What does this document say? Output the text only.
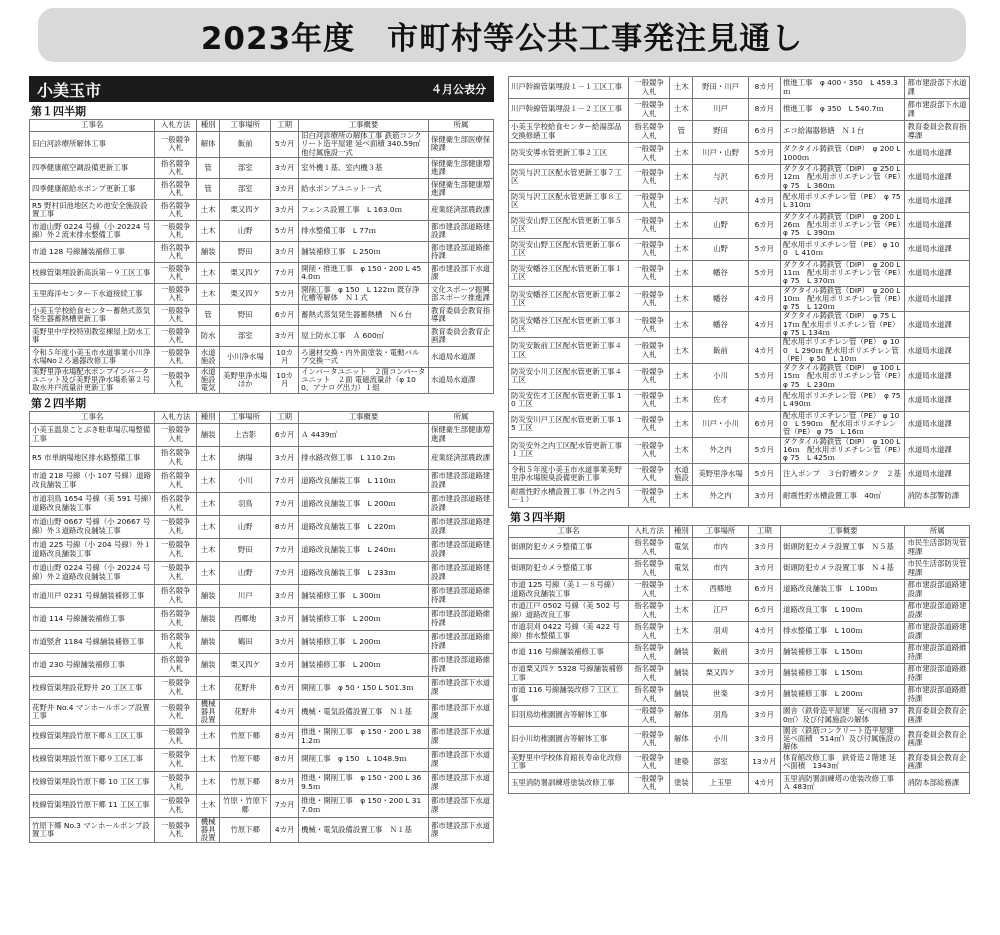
2023年度　市町村等公共工事発注見通し
小美玉市	４月公表分
第１四半期
工事名	入札方法	種別	工事場所	工期	工事概要	所属
旧白河診療所解体工事	一般競争入札	解体	飯前	5カ月	旧白河診療所の解体工事 鉄筋コンクリート造平屋建 延べ面積 340.59㎡　他付属施設一式	保健衛生部医療保険課
四季健康館空調設備更新工事	指名競争入札	管	部室	3カ月	室外機１基、室内機３基	保健衛生部健康増進課
四季健康館給水ポンプ更新工事	指名競争入札	管	部室	3カ月	給水ポンプユニット一式	保健衛生部健康増進課
R5 野村田池地区ため池安全施設設置工事	指名競争入札	土木	栗又四ケ	3カ月	フェンス設置工事　L 163.0ｍ	産業経済部農政課
市道山野 0224 号線（小 20224 号線）外２流末排水整備工事	一般競争入札	土木	山野	5カ月	排水整備工事　L 77ｍ	都市建設部道路建設課
市道 128 号線舗装補修工事	指名競争入札	舗装	野田	3カ月	舗装補修工事　L 250ｍ	都市建設部道路維持課
枝線管渠埋設新高浜第－９工区工事	一般競争入札	土木	栗又四ケ	7カ月	開削・推進工事　φ 150・200 L 454.0ｍ	都市建設部下水道課
玉里海洋センター下水道接続工事	一般競争入札	土木	栗又四ケ	5カ月	開削工事　φ 150　L 122ｍ 既存浄化槽等解体　Ｎ１式	文化スポーツ振興部スポーツ推進課
小美玉学校給食センター蓄熱式蒸気発生器蓄熱槽更新工事	一般競争入札	管	野田	6カ月	蓄熱式蒸気発生器蓄熱槽　Ｎ６台	教育委員会教育指導課
美野里中学校特別教室棟屋上防水工事	一般競争入札	防水	部室	3カ月	屋上防水工事　Ａ 600㎡	教育委員会教育企画課
令和５年度小美玉市水道事業小川浄水場No２ろ過器改修工事	一般競争入札	水道施設	小川浄水場	10カ月	ろ過材交換・内外面塗装・電動バルブ交換一式	水道局水道課
美野里浄水場配水ポンプインバータユニット及び美野里浄水場系第２号取水井戸流量計更新工事	一般競争入札	水道施設電気	美野里浄水場ほか	10カ月	インバータユニット　２面コンバータユニット　２面 電磁流量計（φ 100、アナログ出力）１組	水道局水道課
第２四半期
工事名	入札方法	種別	工事場所	工期	工事概要	所属
小美玉温泉ことぶき駐車場広場整備工事	一般競争入札	舗装	上吉影	6カ月	Ａ 4439㎡	保健衛生部健康増進課
R5 市単納場地区排水路整備工事	指名競争入札	土木	納場	3カ月	排水路改修工事　L 110.2ｍ	産業経済部農政課
市道 218 号線（小 107 号線）道路改良舗装工事	指名競争入札	土木	小川	7カ月	道路改良舗装工事　L 110ｍ	都市建設部道路建設課
市道羽鳥 1654 号線（美 591 号線）道路改良舗装工事	指名競争入札	土木	羽鳥	7カ月	道路改良舗装工事　L 200ｍ	都市建設部道路建設課
市道山野 0667 号線（小 20667 号線）外３道路改良舗装工事	一般競争入札	土木	山野	8カ月	道路改良舗装工事　L 220ｍ	都市建設部道路建設課
市道 225 号線（小 204 号線）外１道路改良舗装工事	一般競争入札	土木	野田	7カ月	道路改良舗装工事　L 240ｍ	都市建設部道路建設課
市道山野 0224 号線（小 20224 号線）外２道路改良舗装工事	一般競争入札	土木	山野	7カ月	道路改良舗装工事　L 233ｍ	都市建設部道路建設課
市道川戸 0231 号線舗装補修工事	指名競争入札	舗装	川戸	3カ月	舗装補修工事　L 300ｍ	都市建設部道路維持課
市道 114 号線舗装補修工事	指名競争入札	舗装	西郷地	3カ月	舗装補修工事　L 200ｍ	都市建設部道路維持課
市道竪倉 1184 号線舗装補修工事	指名競争入札	舗装	鶴田	3カ月	舗装補修工事　L 200ｍ	都市建設部道路維持課
市道 230 号線舗装補修工事	指名競争入札	舗装	栗又四ケ	3カ月	舗装補修工事　L 200ｍ	都市建設部道路維持課
枝線管渠埋設花野井 20 工区工事	一般競争入札	土木	花野井	6カ月	開削工事　φ 50・150 L 501.3ｍ	都市建設部下水道課
花野井 No.4 マンホールポンプ設置工事	一般競争入札	機械器具設置	花野井	4カ月	機械・電気設備設置工事　Ｎ１基	都市建設部下水道課
枝線管渠埋設竹原下郷８工区工事	一般競争入札	土木	竹原下郷	8カ月	推進・開削工事　φ 150・200 L 381.2ｍ	都市建設部下水道課
枝線管渠埋設竹原下郷９工区工事	一般競争入札	土木	竹原下郷	8カ月	開削工事　φ 150　L 1048.9ｍ	都市建設部下水道課
枝線管渠埋設竹原下郷 10 工区工事	一般競争入札	土木	竹原下郷	8カ月	推進・開削工事　φ 150・200 L 369.5ｍ	都市建設部下水道課
枝線管渠埋設竹原下郷 11 工区工事	一般競争入札	土木	竹原・竹原下郷	7カ月	推進・開削工事　φ 150・200 L 317.0ｍ	都市建設部下水道課
竹原下郷 No.3 マンホールポンプ設置工事	一般競争入札	機械器具設置	竹原下郷	4カ月	機械・電気設備設置工事　Ｎ１基	都市建設部下水道課
川戸幹線管渠埋設１－１工区工事	一般競争入札	土木	野田・川戸	8カ月	推進工事　φ 400・350　L 459.3ｍ	都市建設部下水道課
川戸幹線管渠埋設１－２工区工事	一般競争入札	土木	川戸	8カ月	推進工事　φ 350　L 540.7ｍ	都市建設部下水道課
小美玉学校給食センター給湯部品交換修繕工事	指名競争入札	管	野田	6カ月	エコ給湯器修繕　Ｎ１台	教育委員会教育指導課
防災安導水管更新工事２工区	一般競争入札	土木	川戸・山野	5カ月	ダクタイル鋳鉄管（DIP）　φ 200 L 1000ｍ	水道局水道課
防災与沢工区配水管更新工事７工区	一般競争入札	土木	与沢	6カ月	ダクタイル鋳鉄管（DIP）　φ 250 L 12ｍ　配水用ポリエチレン管（PE）　φ 75　L 360ｍ	水道局水道課
防災与沢工区配水管更新工事８工区	一般競争入札	土木	与沢	4カ月	配水用ポリエチレン管（PE）　φ 75 L 310ｍ	水道局水道課
防災安山野工区配水管更新工事５工区	一般競争入札	土木	山野	6カ月	ダクタイル鋳鉄管（DIP）　φ 200 L 26ｍ　配水用ポリエチレン管（PE）　φ 75　L 390ｍ	水道局水道課
防災安山野工区配水管更新工事６工区	一般競争入札	土木	山野	5カ月	配水用ポリエチレン管（PE） φ 100　L 410ｍ	水道局水道課
防災安幡谷工区配水管更新工事１工区	一般競争入札	土木	幡谷	5カ月	ダクタイル鋳鉄管（DIP）　φ 200 L 11ｍ　配水用ポリエチレン管（PE）　φ 75　L 370ｍ	水道局水道課
防災安幡谷工区配水管更新工事２工区	一般競争入札	土木	幡谷	4カ月	ダクタイル鋳鉄管（DIP）　φ 200 L 10ｍ　配水用ポリエチレン管（PE）　φ 75　L 120ｍ	水道局水道課
防災安幡谷工区配水管更新工事３工区	一般競争入札	土木	幡谷	4カ月	ダクタイル鋳鉄管（DIP）　φ 75 L 17ｍ 配水用ポリエチレン管（PE）　φ 75 L 134ｍ	水道局水道課
防災安飯前工区配水管更新工事４工区	一般競争入札	土木	飯前	4カ月	配水用ポリエチレン管（PE） φ 100　L 290ｍ 配水用ポリエチレン管（PE） φ 50　L 10ｍ	水道局水道課
防災安小川工区配水管更新工事４工区	一般競争入札	土木	小川	5カ月	ダクタイル鋳鉄管（DIP）　φ 100 L 15ｍ　配水用ポリエチレン管（PE）　φ 75　L 230ｍ	水道局水道課
防災安佐才工区配水管更新工事 10 工区	一般競争入札	土木	佐才	4カ月	配水用ポリエチレン管（PE）　φ 75 L 490ｍ	水道局水道課
防災安川戸工区配水管更新工事 15 工区	一般競争入札	土木	川戸・小川	6カ月	配水用ポリエチレン管（PE） φ 100　L 590ｍ　配水用ポリエチレン管（PE） φ 75　L 16ｍ	水道局水道課
防災安外之内工区配水管更新工事１工区	一般競争入札	土木	外之内	5カ月	ダクタイル鋳鉄管（DIP）　φ 100 L 16ｍ　配水用ポリエチレン管（PE）　φ 75　L 425ｍ	水道局水道課
令和５年度小美玉市水道事業美野里浄水場脱臭設備更新工事	一般競争入札	水道施設	美野里浄水場	5カ月	注入ポンプ　３台貯槽タンク　２基	水道局水道課
耐震性貯水槽設置工事（外之内５－１）	一般競争入札	土木	外之内	3カ月	耐震性貯水槽設置工事　40㎥	消防本部警防課
第３四半期
工事名	入札方法	種別	工事場所	工期	工事概要	所属
街頭防犯カメラ整備工事	指名競争入札	電気	市内	3カ月	街頭防犯カメラ設置工事　Ｎ５基	市民生活部防災管理課
街頭防犯カメラ整備工事	指名競争入札	電気	市内	3カ月	街頭防犯カメラ設置工事　Ｎ４基	市民生活部防災管理課
市道 125 号線（美１－８号線）道路改良舗装工事	一般競争入札	土木	西郷地	6カ月	道路改良舗装工事　L 100ｍ	都市建設部道路建設課
市道江戸 0502 号線（美 502 号線）道路改良工事	指名競争入札	土木	江戸	6カ月	道路改良工事　L 100ｍ	都市建設部道路建設課
市道羽刈 0422 号線（美 422 号線）排水整備工事	指名競争入札	土木	羽刈	4カ月	排水整備工事　L 100ｍ	都市建設部道路建設課
市道 116 号線舗装補修工事	指名競争入札	舗装	飯前	3カ月	舗装補修工事　L 150ｍ	都市建設部道路維持課
市道栗又四ケ 5328 号線舗装補修工事	指名競争入札	舗装	栗又四ケ	3カ月	舗装補修工事　L 150ｍ	都市建設部道路維持課
市道 116 号線舗装改修７工区工事	指名競争入札	舗装	世楽	3カ月	舗装補修工事　L 200ｍ	都市建設部道路維持課
旧羽鳥幼稚園園舎等解体工事	一般競争入札	解体	羽鳥	3カ月	園舎（鉄骨造平屋建　延べ面積 370㎡）及び付属施設の解体	教育委員会教育企画課
旧小川幼稚園園舎等解体工事	一般競争入札	解体	小川	3カ月	園舎（鉄筋コンクリート造平屋建　延べ面積　514㎡）及び付属施設の解体	教育委員会教育企画課
美野里中学校体育館長寿命化改修工事	一般競争入札	建築	部室	13カ月	体育館改修工事　鉄骨造２階建 延べ面積　1343㎡	教育委員会教育企画課
玉里消防署訓練塔塗装改修工事	一般競争入札	塗装	上玉里	4カ月	玉里消防署訓練塔の塗装改修工事 Ａ 483㎡	消防本部総務課
